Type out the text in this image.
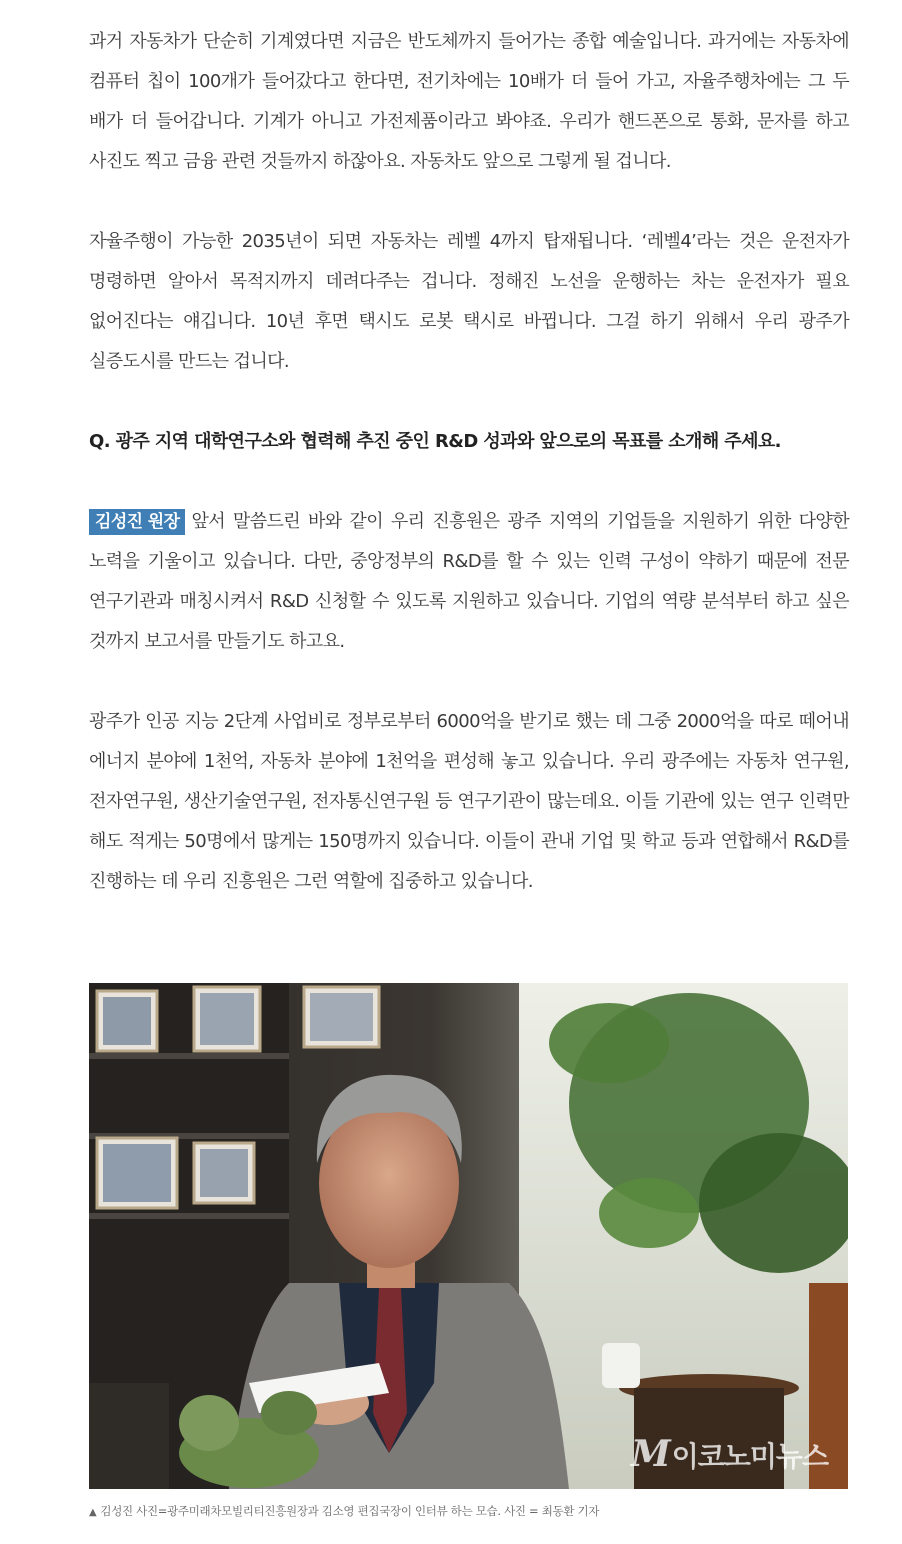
과거 자동차가 단순히 기계였다면 지금은 반도체까지 들어가는 종합 예술입니다. 과거에는 자동차에 컴퓨터 칩이 100개가 들어갔다고 한다면, 전기차에는 10배가 더 들어 가고, 자율주행차에는 그 두 배가 더 들어갑니다. 기계가 아니고 가전제품이라고 봐야죠. 우리가 핸드폰으로 통화, 문자를 하고 사진도 찍고 금융 관련 것들까지 하잖아요. 자동차도 앞으로 그렇게 될 겁니다.

자율주행이 가능한 2035년이 되면 자동차는 레벨 4까지 탑재됩니다. ‘레벨4’라는 것은 운전자가 명령하면 알아서 목적지까지 데려다주는 겁니다. 정해진 노선을 운행하는 차는 운전자가 필요 없어진다는 얘깁니다. 10년 후면 택시도 로봇 택시로 바뀝니다. 그걸 하기 위해서 우리 광주가 실증도시를 만드는 겁니다.

Q. 광주 지역 대학연구소와 협력해 추진 중인 R&D 성과와 앞으로의 목표를 소개해 주세요.

김성진 원장 앞서 말씀드린 바와 같이 우리 진흥원은 광주 지역의 기업들을 지원하기 위한 다양한 노력을 기울이고 있습니다. 다만, 중앙정부의 R&D를 할 수 있는 인력 구성이 약하기 때문에 전문 연구기관과 매칭시켜서 R&D 신청할 수 있도록 지원하고 있습니다. 기업의 역량 분석부터 하고 싶은 것까지 보고서를 만들기도 하고요.

광주가 인공 지능 2단계 사업비로 정부로부터 6000억을 받기로 했는 데 그중 2000억을 따로 떼어내 에너지 분야에 1천억, 자동차 분야에 1천억을 편성해 놓고 있습니다. 우리 광주에는 자동차 연구원, 전자연구원, 생산기술연구원, 전자통신연구원 등 연구기관이 많는데요. 이들 기관에 있는 연구 인력만 해도 적게는 50명에서 많게는 150명까지 있습니다. 이들이 관내 기업 및 학교 등과 연합해서 R&D를 진행하는 데 우리 진흥원은 그런 역할에 집중하고 있습니다.

M이코노미뉴스
▲ 김성진 사진=광주미래차모빌리티진흥원장과 김소영 편집국장이 인터뷰 하는 모습. 사진 = 최동환 기자
